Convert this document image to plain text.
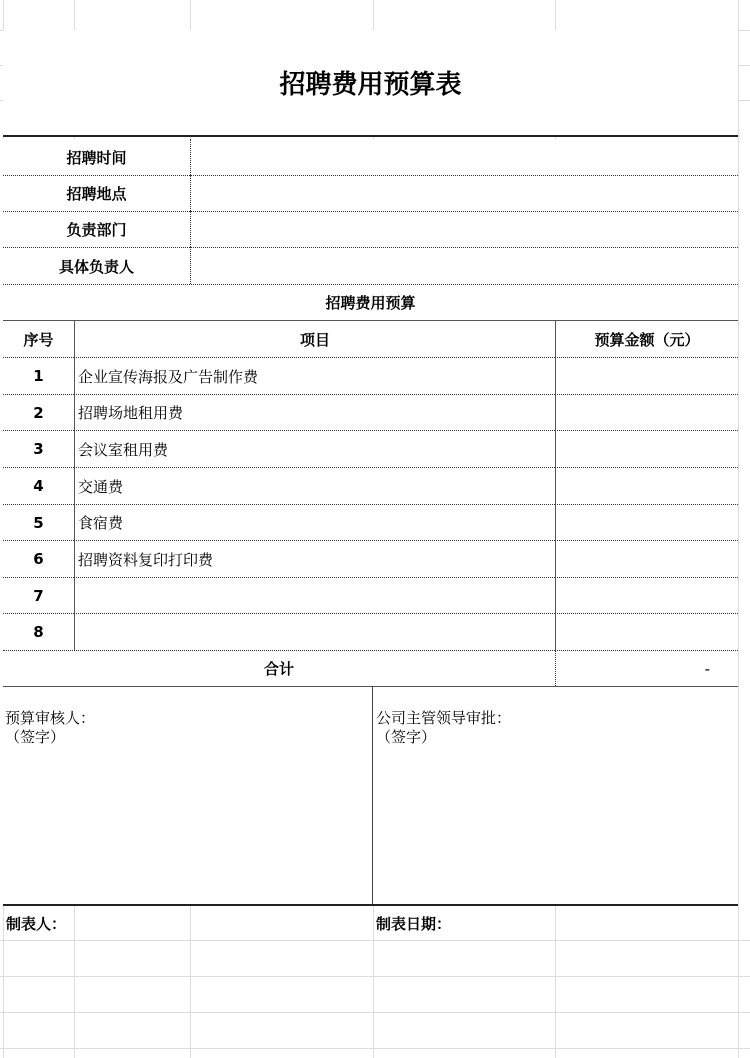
招聘费用预算表
招聘时间
招聘地点
负责部门
具体负责人
招聘费用预算
序号	项目	预算金额（元）
1	企业宣传海报及广告制作费
2	招聘场地租用费
3	会议室租用费
4	交通费
5	食宿费
6	招聘资料复印打印费
7
8
合计	-
预算审核人：
（签字）
公司主管领导审批：
（签字）
制表人：	制表日期：
